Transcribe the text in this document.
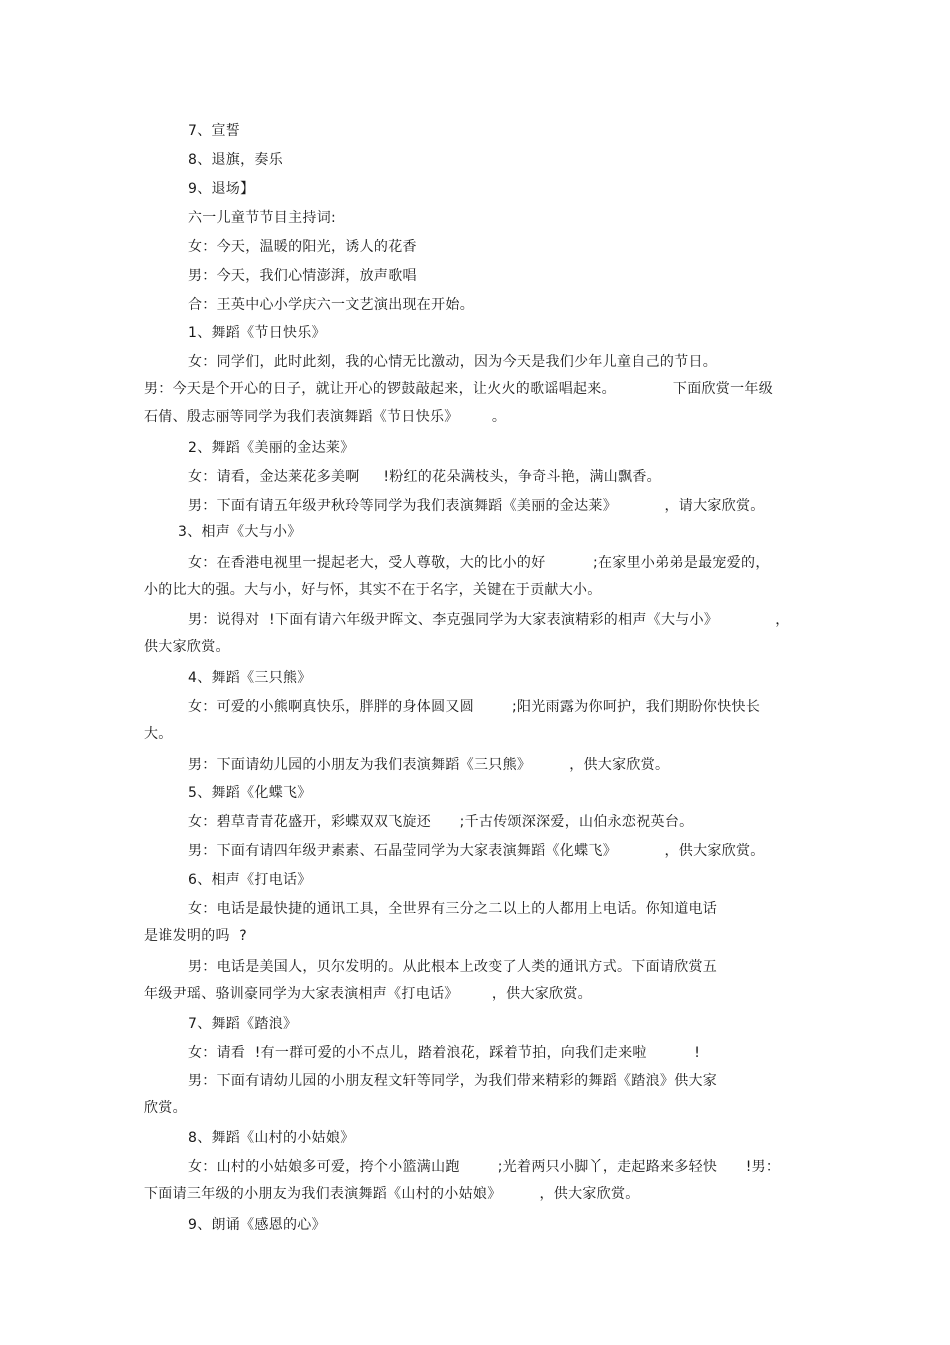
7、宣誓
8、退旗，奏乐
9、退场】
六一儿童节节目主持词:
女：今天，温暖的阳光，诱人的花香
男：今天，我们心情澎湃，放声歌唱
合：王英中心小学庆六一文艺演出现在开始。
1、舞蹈《节日快乐》
女：同学们，此时此刻，我的心情无比激动，因为今天是我们少年儿童自己的节日。
男：今天是个开心的日子，就让开心的锣鼓敲起来，让火火的歌谣唱起来。            下面欣赏一年级
石倩、殷志丽等同学为我们表演舞蹈《节日快乐》       。
2、舞蹈《美丽的金达莱》
女：请看，金达莱花多美啊     !粉红的花朵满枝头，争奇斗艳，满山飘香。
男：下面有请五年级尹秋玲等同学为我们表演舞蹈《美丽的金达莱》          ，请大家欣赏。
3、相声《大与小》
女：在香港电视里一提起老大，受人尊敬，大的比小的好          ;在家里小弟弟是最宠爱的，
小的比大的强。大与小，好与怀，其实不在于名字，关键在于贡献大小。
男：说得对  !下面有请六年级尹晖文、李克强同学为大家表演精彩的相声《大与小》            ，
供大家欣赏。
4、舞蹈《三只熊》
女：可爱的小熊啊真快乐，胖胖的身体圆又圆        ;阳光雨露为你呵护，我们期盼你快快长
大。
男：下面请幼儿园的小朋友为我们表演舞蹈《三只熊》        ，供大家欣赏。
5、舞蹈《化蝶飞》
女：碧草青青花盛开，彩蝶双双飞旋还      ;千古传颂深深爱，山伯永恋祝英台。
男：下面有请四年级尹素素、石晶莹同学为大家表演舞蹈《化蝶飞》          ，供大家欣赏。
6、相声《打电话》
女：电话是最快捷的通讯工具，全世界有三分之二以上的人都用上电话。你知道电话
是谁发明的吗  ?
男：电话是美国人，贝尔发明的。从此根本上改变了人类的通讯方式。下面请欣赏五
年级尹瑶、骆训豪同学为大家表演相声《打电话》       ，供大家欣赏。
7、舞蹈《踏浪》
女：请看  !有一群可爱的小不点儿，踏着浪花，踩着节拍，向我们走来啦          !
男：下面有请幼儿园的小朋友程文轩等同学，为我们带来精彩的舞蹈《踏浪》供大家
欣赏。
8、舞蹈《山村的小姑娘》
女：山村的小姑娘多可爱，挎个小篮满山跑        ;光着两只小脚丫，走起路来多轻快      !男：
下面请三年级的小朋友为我们表演舞蹈《山村的小姑娘》        ，供大家欣赏。
9、朗诵《感恩的心》
